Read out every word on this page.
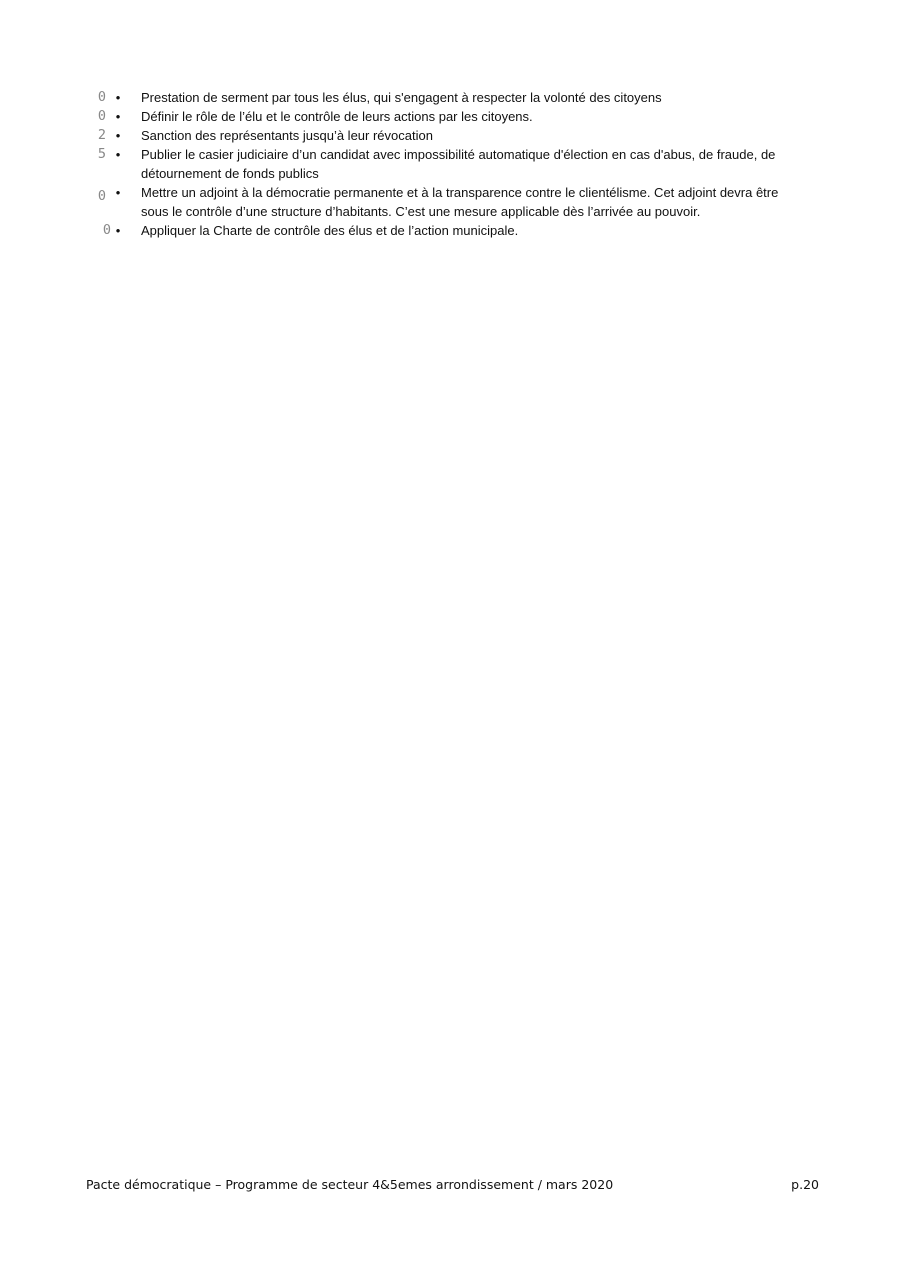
0 • Prestation de serment par tous les élus, qui s'engagent à respecter la volonté des citoyens
0 • Définir le rôle de l’élu et le contrôle de leurs actions par les citoyens.
2 • Sanction des représentants jusqu’à leur révocation
5 • Publier le casier judiciaire d’un candidat avec impossibilité automatique d'élection en cas d'abus, de fraude, de détournement de fonds publics
0 • Mettre un adjoint à la démocratie permanente et à la transparence contre le clientélisme. Cet adjoint devra être sous le contrôle d’une structure d’habitants. C’est une mesure applicable dès l’arrivée au pouvoir.
0 • Appliquer la Charte de contrôle des élus et de l’action municipale.
Pacte démocratique – Programme de secteur 4&5emes arrondissement / mars 2020	p.20
